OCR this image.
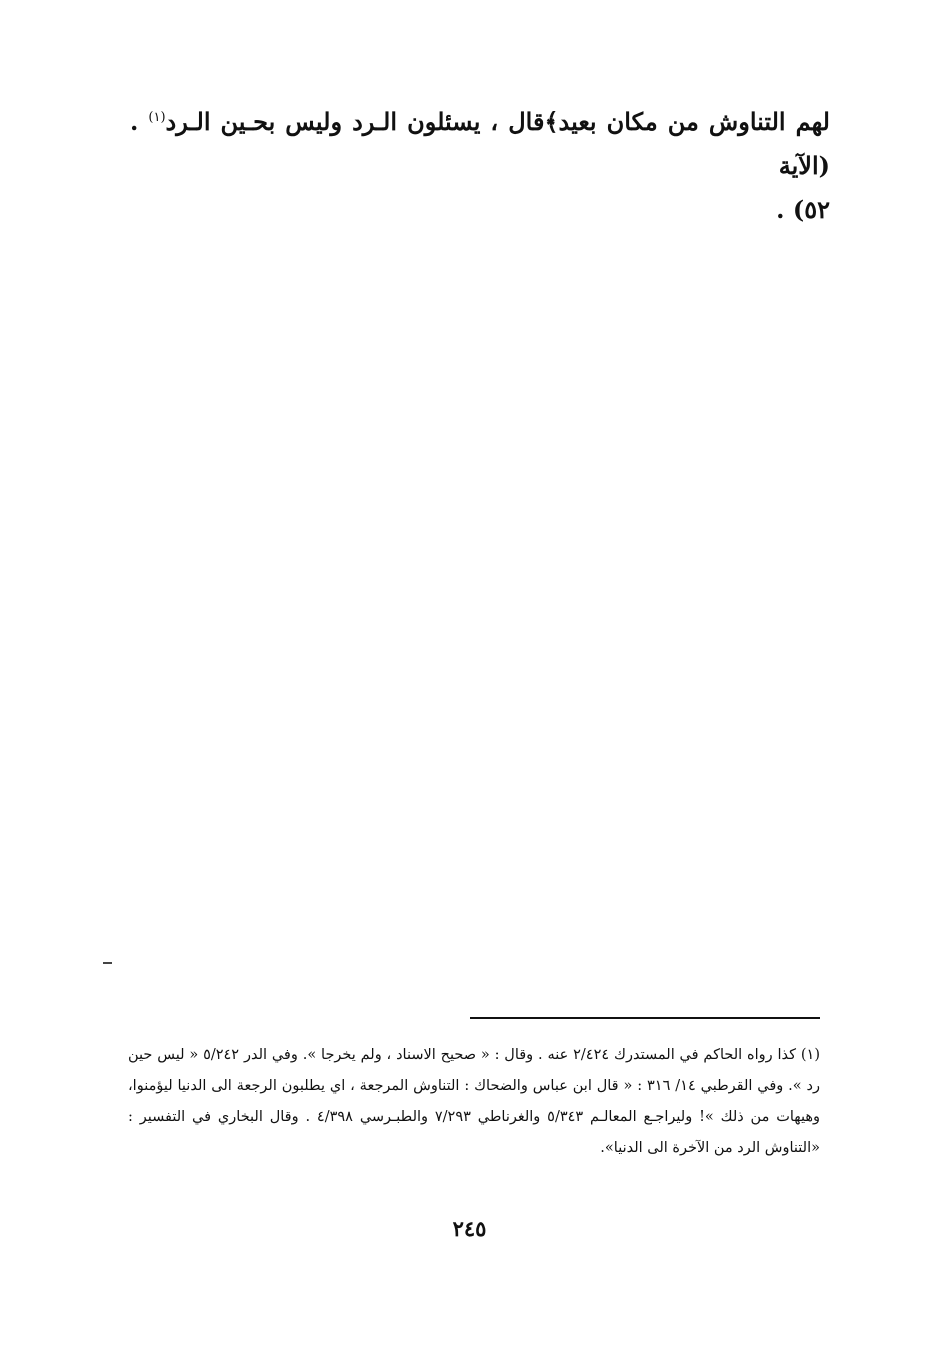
لهم التناوش من مكان بعيد﴾قال ، يسئلون الـرد وليس بحـين الـرد$^{(١)}$ . (الآية

٥٢) .

(١) كذا رواه الحاكم في المستدرك ٢/٤٢٤ عنه . وقال : « صحيح الاسناد ، ولم يخرجا ». وفي الدر ٥/٢٤٢ « ليس حين رد ». وفي القرطبي ١٤/ ٣١٦ : « قال ابن عباس والضحاك : التناوش المرجعة ، اي يطلبون الرجعة الى الدنيا ليؤمنوا، وهيهات من ذلك »! وليراجـع المعالـم ٥/٣٤٣ والغرناطي ٧/٢٩٣ والطبـرسي ٤/٣٩٨ . وقال البخاري في التفسير : «التناوش الرد من الآخرة الى الدنيا».

٢٤٥
